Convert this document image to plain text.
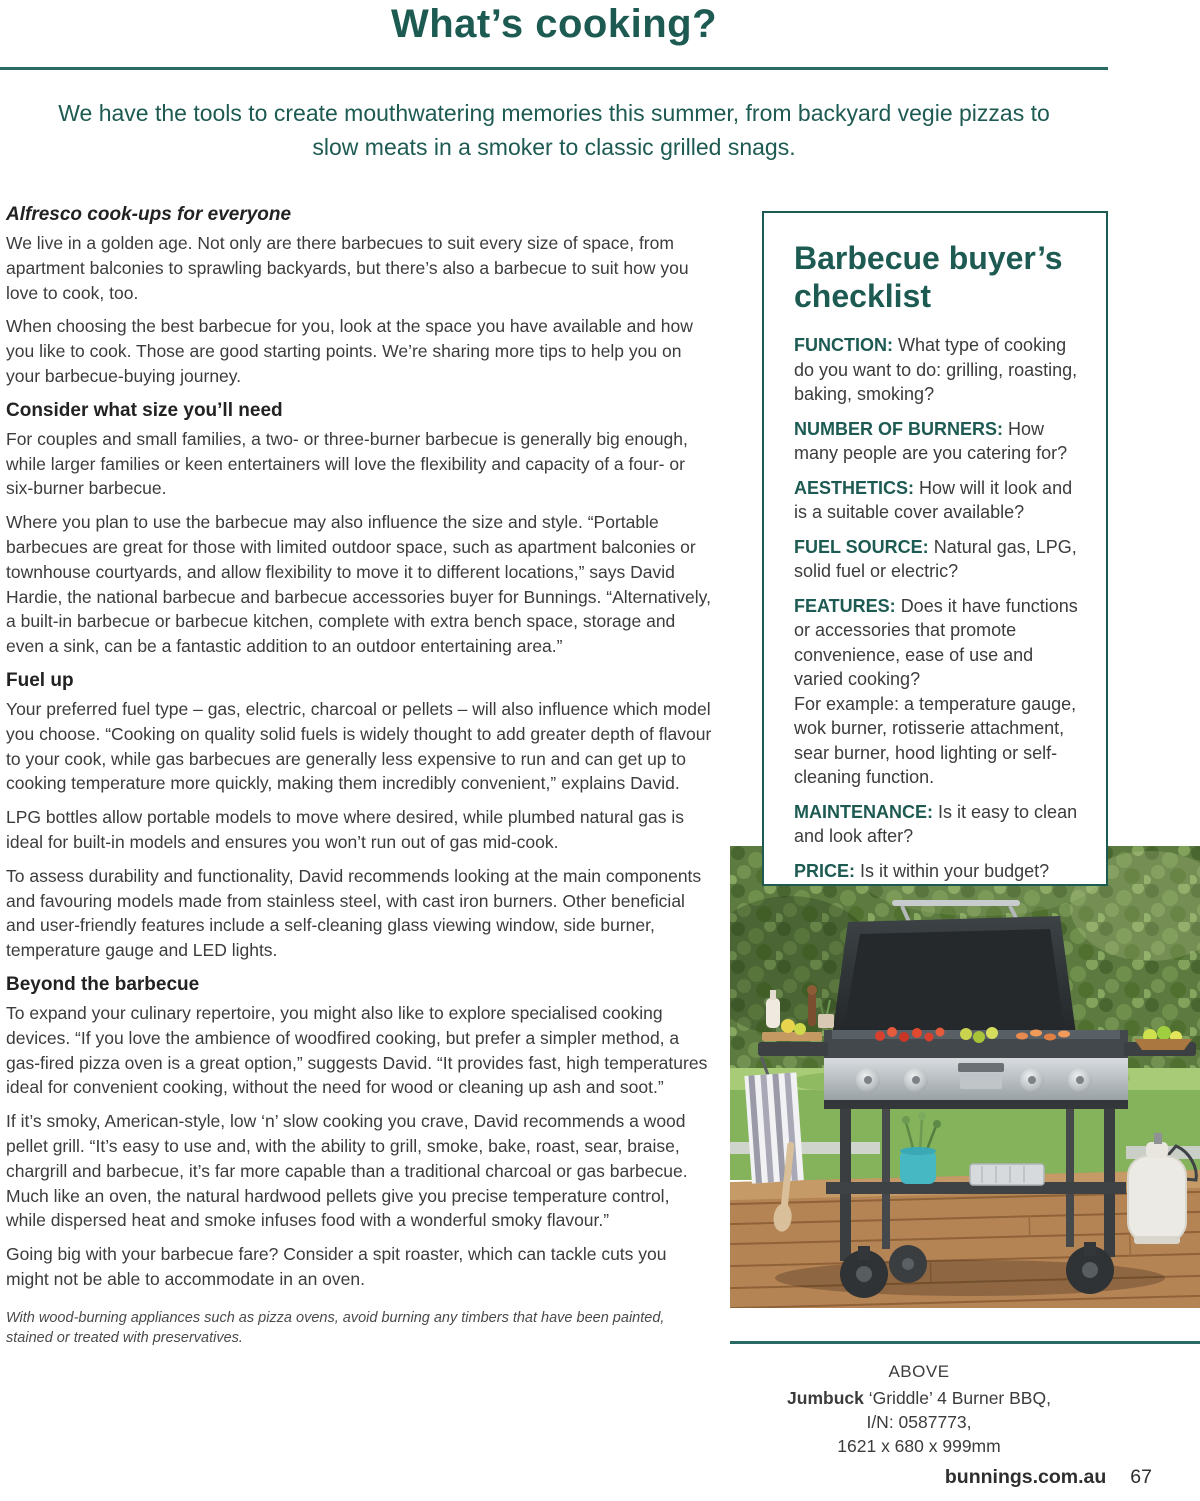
What’s cooking?

We have the tools to create mouthwatering memories this summer, from backyard vegie pizzas to slow meats in a smoker to classic grilled snags.

Alfresco cook-ups for everyone

We live in a golden age. Not only are there barbecues to suit every size of space, from apartment balconies to sprawling backyards, but there’s also a barbecue to suit how you love to cook, too.

When choosing the best barbecue for you, look at the space you have available and how you like to cook. Those are good starting points. We’re sharing more tips to help you on your barbecue-buying journey.

Consider what size you’ll need

For couples and small families, a two- or three-burner barbecue is generally big enough, while larger families or keen entertainers will love the flexibility and capacity of a four- or six-burner barbecue.

Where you plan to use the barbecue may also influence the size and style. “Portable barbecues are great for those with limited outdoor space, such as apartment balconies or townhouse courtyards, and allow flexibility to move it to different locations,” says David Hardie, the national barbecue and barbecue accessories buyer for Bunnings. “Alternatively, a built-in barbecue or barbecue kitchen, complete with extra bench space, storage and even a sink, can be a fantastic addition to an outdoor entertaining area.”

Fuel up

Your preferred fuel type – gas, electric, charcoal or pellets – will also influence which model you choose. “Cooking on quality solid fuels is widely thought to add greater depth of flavour to your cook, while gas barbecues are generally less expensive to run and can get up to cooking temperature more quickly, making them incredibly convenient,” explains David.

LPG bottles allow portable models to move where desired, while plumbed natural gas is ideal for built-in models and ensures you won’t run out of gas mid-cook.

To assess durability and functionality, David recommends looking at the main components and favouring models made from stainless steel, with cast iron burners. Other beneficial and user-friendly features include a self-cleaning glass viewing window, side burner, temperature gauge and LED lights.

Beyond the barbecue

To expand your culinary repertoire, you might also like to explore specialised cooking devices. “If you love the ambience of woodfired cooking, but prefer a simpler method, a gas-fired pizza oven is a great option,” suggests David. “It provides fast, high temperatures ideal for convenient cooking, without the need for wood or cleaning up ash and soot.”

If it’s smoky, American-style, low ‘n’ slow cooking you crave, David recommends a wood pellet grill. “It’s easy to use and, with the ability to grill, smoke, bake, roast, sear, braise, chargrill and barbecue, it’s far more capable than a traditional charcoal or gas barbecue. Much like an oven, the natural hardwood pellets give you precise temperature control, while dispersed heat and smoke infuses food with a wonderful smoky flavour.”

Going big with your barbecue fare? Consider a spit roaster, which can tackle cuts you might not be able to accommodate in an oven.

With wood-burning appliances such as pizza ovens, avoid burning any timbers that have been painted, stained or treated with preservatives.

Barbecue buyer’s checklist

FUNCTION: What type of cooking do you want to do: grilling, roasting, baking, smoking?

NUMBER OF BURNERS: How many people are you catering for?

AESTHETICS: How will it look and is a suitable cover available?

FUEL SOURCE: Natural gas, LPG, solid fuel or electric?

FEATURES: Does it have functions or accessories that promote convenience, ease of use and varied cooking?
For example: a temperature gauge, wok burner, rotisserie attachment, sear burner, hood lighting or self-cleaning function.

MAINTENANCE: Is it easy to clean and look after?

PRICE: Is it within your budget?

ABOVE
Jumbuck ‘Griddle’ 4 Burner BBQ,
I/N: 0587773,
1621 x 680 x 999mm
bunnings.com.au 67
